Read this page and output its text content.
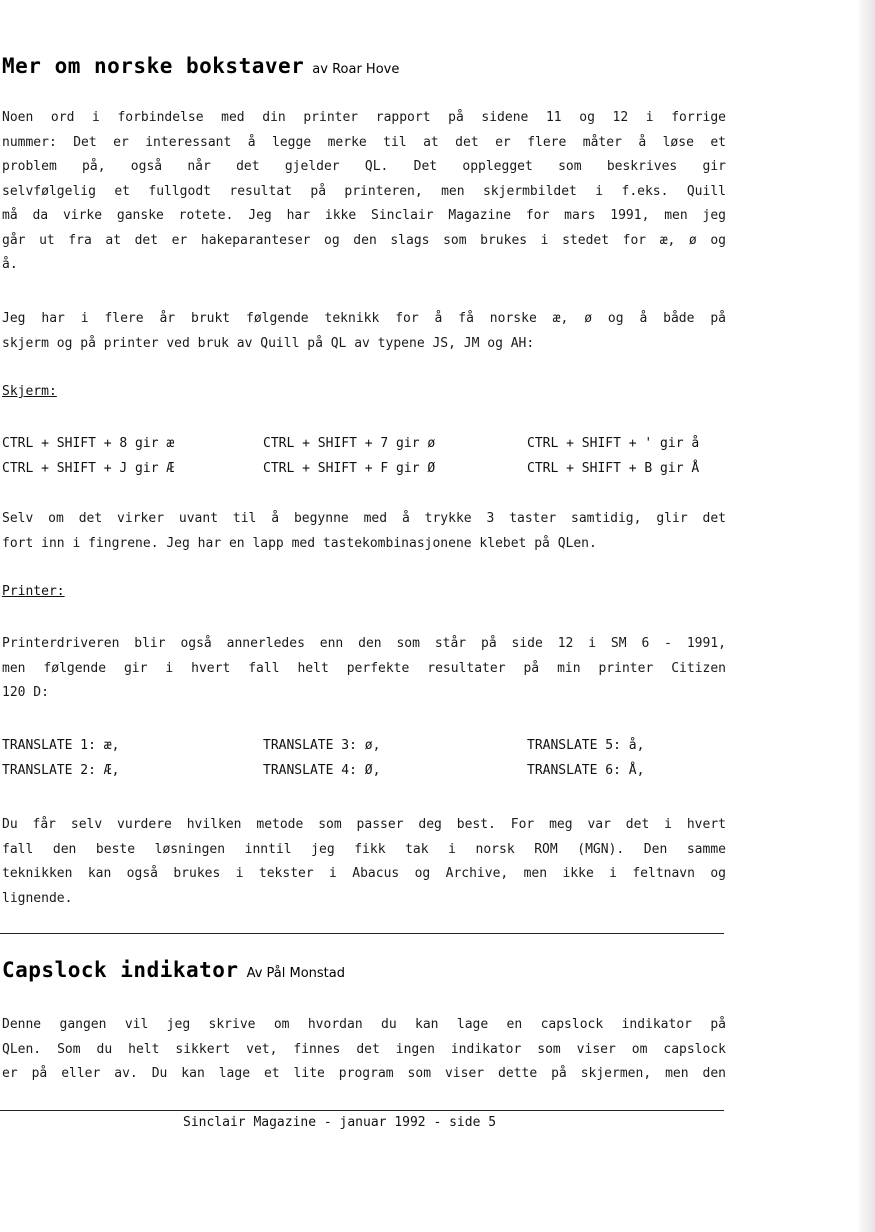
Mer om norske bokstaver av Roar Hove
Noen ord i forbindelse med din printer rapport på sidene 11 og 12 i forrige
nummer: Det er interessant å legge merke til at det er flere måter å løse et
problem på, også når det gjelder QL. Det opplegget som beskrives gir
selvfølgelig et fullgodt resultat på printeren, men skjermbildet i f.eks. Quill
må da virke ganske rotete. Jeg har ikke Sinclair Magazine for mars 1991, men jeg
går ut fra at det er hakeparanteser og den slags som brukes i stedet for æ, ø og
å.
Jeg har i flere år brukt følgende teknikk for å få norske æ, ø og å både på
skjerm og på printer ved bruk av Quill på QL av typene JS, JM og AH:
Skjerm:
CTRL + SHIFT + 8 gir æ	CTRL + SHIFT + 7 gir ø	CTRL + SHIFT + ' gir å
CTRL + SHIFT + J gir Æ	CTRL + SHIFT + F gir Ø	CTRL + SHIFT + B gir Å
Selv om det virker uvant til å begynne med å trykke 3 taster samtidig, glir det
fort inn i fingrene. Jeg har en lapp med tastekombinasjonene klebet på QLen.
Printer:
Printerdriveren blir også annerledes enn den som står på side 12 i SM 6 - 1991,
men følgende gir i hvert fall helt perfekte resultater på min printer Citizen
120 D:
TRANSLATE 1: æ,	TRANSLATE 3: ø,	TRANSLATE 5: å,
TRANSLATE 2: Æ,	TRANSLATE 4: Ø,	TRANSLATE 6: Å,
Du får selv vurdere hvilken metode som passer deg best. For meg var det i hvert
fall den beste løsningen inntil jeg fikk tak i norsk ROM (MGN). Den samme
teknikken kan også brukes i tekster i Abacus og Archive, men ikke i feltnavn og
lignende.
Capslock indikator Av Pål Monstad
Denne gangen vil jeg skrive om hvordan du kan lage en capslock indikator på
QLen. Som du helt sikkert vet, finnes det ingen indikator som viser om capslock
er på eller av. Du kan lage et lite program som viser dette på skjermen, men den
Sinclair Magazine - januar 1992 - side 5
